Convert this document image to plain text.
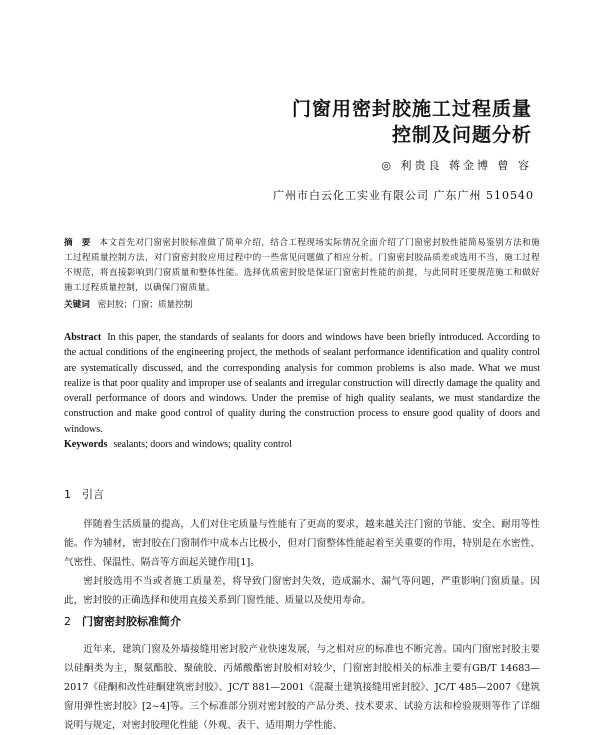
门窗用密封胶施工过程质量
控制及问题分析
◎ 利贵良 蒋金博 曾 容
广州市白云化工实业有限公司 广东广州 510540
摘 要 本文首先对门窗密封胶标准做了简单介绍，结合工程现场实际情况全面介绍了门窗密封胶性能简易鉴别方法和施工过程质量控制方法，对门窗密封胶应用过程中的一些常见问题做了相应分析。门窗密封胶品质差或选用不当，施工过程不规范，将直接影响到门窗质量和整体性能。选择优质密封胶是保证门窗密封性能的前提，与此同时还要规范施工和做好施工过程质量控制，以确保门窗质量。
关键词 密封胶；门窗；质量控制
Abstract In this paper, the standards of sealants for doors and windows have been briefly introduced. According to the actual conditions of the engineering project, the methods of sealant performance identification and quality control are systematically discussed, and the corresponding analysis for common problems is also made. What we must realize is that poor quality and improper use of sealants and irregular construction will directly damage the quality and overall performance of doors and windows. Under the premise of high quality sealants, we must standardize the construction and make good control of quality during the construction process to ensure good quality of doors and windows.
Keywords sealants; doors and windows; quality control
1 引言
伴随着生活质量的提高，人们对住宅质量与性能有了更高的要求，越来越关注门窗的节能、安全、耐用等性能。作为辅材，密封胶在门窗制作中成本占比极小，但对门窗整体性能起着至关重要的作用，特别是在水密性、气密性、保温性、隔音等方面起关键作用[1]。
密封胶选用不当或者施工质量差，将导致门窗密封失效，造成漏水、漏气等问题，严重影响门窗质量。因此，密封胶的正确选择和使用直接关系到门窗性能、质量以及使用寿命。
2 门窗密封胶标准简介
近年来，建筑门窗及外墙接缝用密封胶产业快速发展，与之相对应的标准也不断完善。国内门窗密封胶主要以硅酮类为主，聚氨酯胶、聚硫胶、丙烯酸酯密封胶相对较少，门窗密封胶相关的标准主要有GB/T 14683—2017《硅酮和改性硅酮建筑密封胶》、JC/T 881—2001《混凝土建筑接缝用密封胶》、JC/T 485—2007《建筑窗用弹性密封胶》[2~4]等。三个标准部分别对密封胶的产品分类、技术要求、试验方法和检验规则等作了详细说明与规定，对密封胶理化性能（外观、表干、适用期力学性能、
